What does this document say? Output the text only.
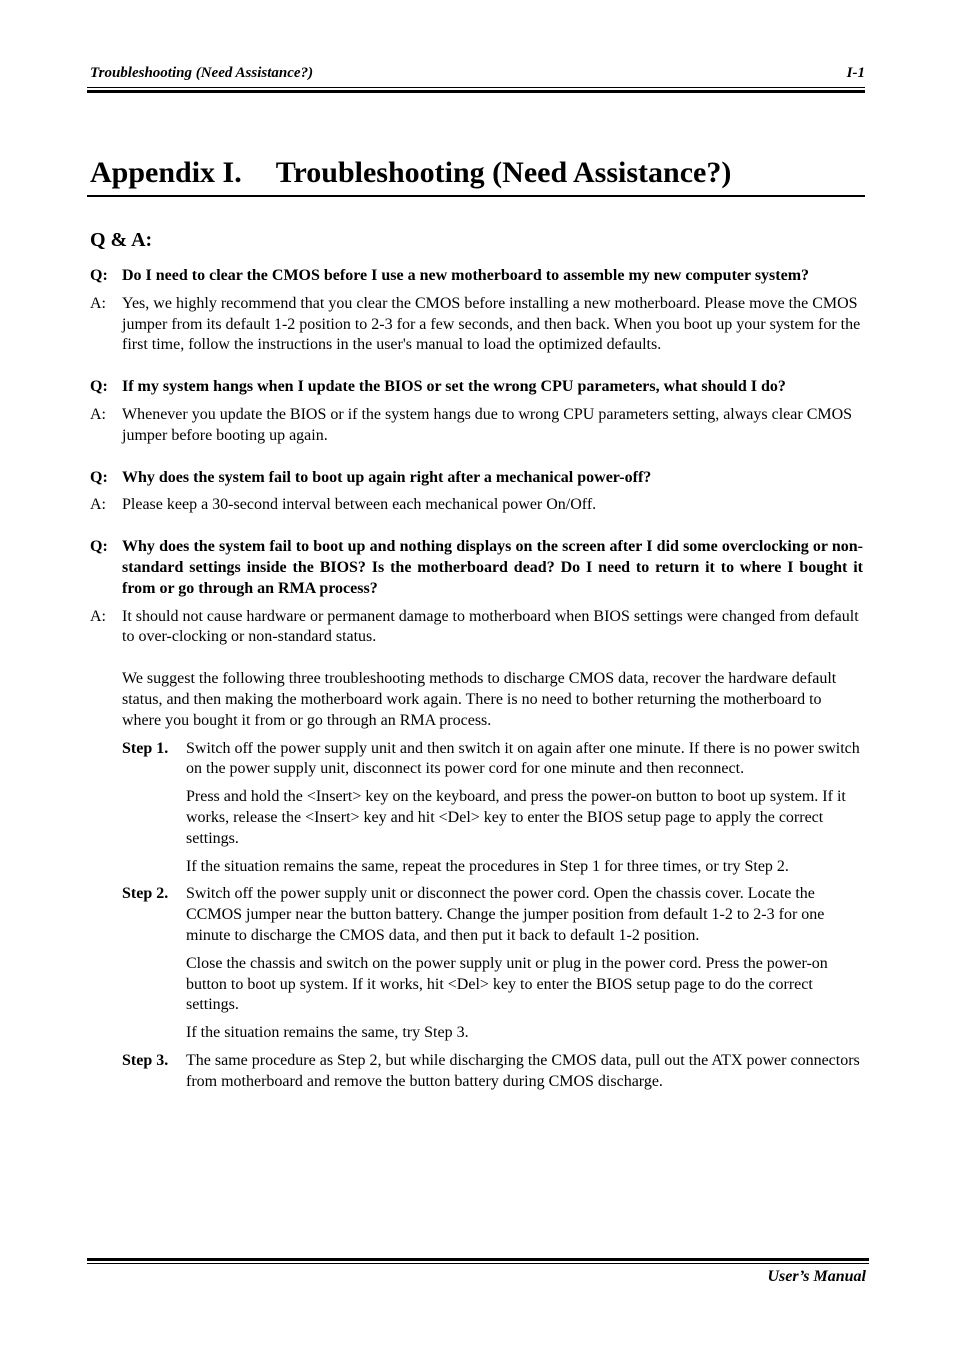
Troubleshooting (Need Assistance?)	I-1
Appendix I. Troubleshooting (Need Assistance?)
Q & A:
Q: Do I need to clear the CMOS before I use a new motherboard to assemble my new computer system?
A:	Yes, we highly recommend that you clear the CMOS before installing a new motherboard. Please move the CMOS jumper from its default 1-2 position to 2-3 for a few seconds, and then back. When you boot up your system for the first time, follow the instructions in the user's manual to load the optimized defaults.
Q: If my system hangs when I update the BIOS or set the wrong CPU parameters, what should I do?
A:	Whenever you update the BIOS or if the system hangs due to wrong CPU parameters setting, always clear CMOS jumper before booting up again.
Q: Why does the system fail to boot up again right after a mechanical power-off?
A:	Please keep a 30-second interval between each mechanical power On/Off.
Q: Why does the system fail to boot up and nothing displays on the screen after I did some overclocking or non-standard settings inside the BIOS? Is the motherboard dead? Do I need to return it to where I bought it from or go through an RMA process?
A:	It should not cause hardware or permanent damage to motherboard when BIOS settings were changed from default to over-clocking or non-standard status.
We suggest the following three troubleshooting methods to discharge CMOS data, recover the hardware default status, and then making the motherboard work again. There is no need to bother returning the motherboard to where you bought it from or go through an RMA process.
Step 1.	Switch off the power supply unit and then switch it on again after one minute. If there is no power switch on the power supply unit, disconnect its power cord for one minute and then reconnect.

Press and hold the <Insert> key on the keyboard, and press the power-on button to boot up system. If it works, release the <Insert> key and hit <Del> key to enter the BIOS setup page to apply the correct settings.

If the situation remains the same, repeat the procedures in Step 1 for three times, or try Step 2.

Step 2.	Switch off the power supply unit or disconnect the power cord. Open the chassis cover. Locate the CCMOS jumper near the button battery. Change the jumper position from default 1-2 to 2-3 for one minute to discharge the CMOS data, and then put it back to default 1-2 position.

Close the chassis and switch on the power supply unit or plug in the power cord. Press the power-on button to boot up system. If it works, hit <Del> key to enter the BIOS setup page to do the correct settings.

If the situation remains the same, try Step 3.

Step 3.	The same procedure as Step 2, but while discharging the CMOS data, pull out the ATX power connectors from motherboard and remove the button battery during CMOS discharge.

User’s Manual
